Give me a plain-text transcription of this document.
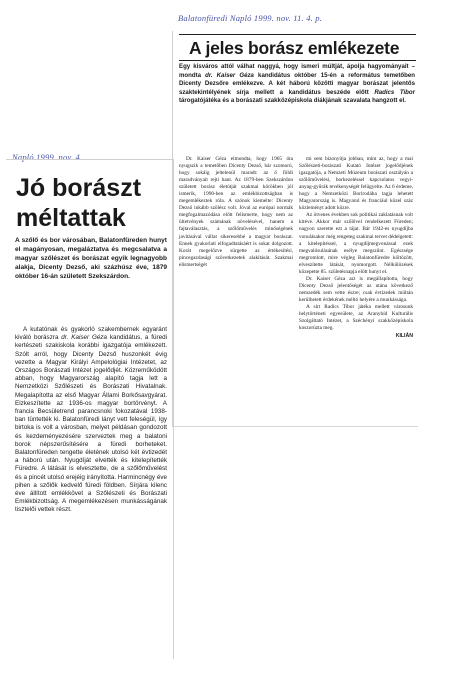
Balatonfüredi Napló 1999. nov. 11. 4. p.
Napló 1999. nov. 4.
A jeles borász emlékezete
Egy kisváros attól válhat naggyá, hogy ismeri múltját, ápolja hagyományait – mondta dr. Kaiser Géza kandidátus október 15-én a református temetőben Dicenty Dezsőre emlékezve. A két háború közötti magyar borászat jelentős szaktekintélyének sírja mellett a kandidátus beszéde előtt Radics Tibor tárogatójátéka és a borászati szakközépiskola diákjának szavalata hangzott el.

Dr. Kaiser Géza elmondta, hogy 1965 óta nyugszik a temetőben Dicenty Dezső, bár szomorú, hogy sokáig jeltelenül maradt: az ő földi maradványait rejti hant. Az 1879-ben Szekszárdon született borász életútját szakmai körökben jól ismerik, 1990-ben az emlékbizottságban is megemlékeztek róla. A szónok kiemelte: Dicenty Dezső inkább szőlész volt. Jóval az európai normák megfogalmazódása előtt felismerte, hogy nem az ültetvények számának növelésével, hanem a fajtaválasztás, a szőlőművelés minőségének javításával vállat sikeresebbé a magyar borászat. Ennek gyakorlati elfogadtatásáért is sokat dolgozott. Korát megelőzve sürgette az értékesítési, pincegazdasági szövetkezetek alakítását. Szakmai elismertségét

mi sem bizonyítja jobban, mint az, hogy a mai Szőlészeti-borászati Kutató Intézet jogelődjének igazgatója, a Nemzeti Múzeum borászati osztályán a szőlőművelési, borkezeléssel kapcsolatos vegyi-anyag-gyűrák tevékenységét felügyelte. Az 6 érdeme, hogy a Nemzetközi Borirodába tagja lehetett Magyarország is. Magyarul és franciául közel száz közleményt adott közre.

Az ötvenes években sok politikai zaklatásnak volt kitéve. Akkor már szőlővel rendelkezett Füreden; nagyon szerette ezt a tájat. Bár 1942-es nyugdíjba vonulásakor még rengeteg szakmai tervet dédelgetett: a kitelepítéssel, a nyugdíjmegvonással ezek megvalósulásának esélye megszűnt. Egészsége megromlott, mire végleg Balatonfüredre költözött, elveszítette látását, nyomorgott. Nélkülözések közepette 85. születésnapja előtt hunyt el.

Dr. Kaiser Géza azt is megállapította, hogy Dicenty Dezső jelentőségét az utána következő nemzedék sem vette észre; csak évtizedek múltán kerülhetett érdekének méltó helyére a munkássága.

A sírt Radics Tibor játéka mellett városunk helytörténeti egyesülete, az Aranyhíd Kulturális Szolgáltató Intézet, a Széchényi szakközépiskola koszorúzta meg.

KILIÁN
Jó borászt méltattak
A szőlő és bor városában, Balatonfüreden hunyt el magányosan, megaláztatva és megcsalatva a magyar szőlészet és borászat egyik legnagyobb alakja, Dicenty Dezső, aki százhúsz éve, 1879 október 16-án született Szekszárdon.

A kutatónak és gyakorló szakembernek egyaránt kiváló borászra dr. Kaiser Géza kandidátus, a füredi kertészeti szakiskola korábbi igazgatója emlékezett. Szólt arról, hogy Dicenty Dezső huszonkét évig vezette a Magyar Királyi Ampelológiai Intézetet, az Országos Borászati Intézet jogelődjét. Közreműködött abban, hogy Magyarország alapító tagja lett a Nemzetközi Szőlészeti és Borászati Hivatalnak. Megalapította az első Magyar Állami Borkősavgyárat. Elzkeszítette az 1936-os magyar bortörvényt. A francia Becsületrend parancsnoki fokozatával 1938-ban tüntették ki. Balatonfüredi lányt vett feleségül, így birtoka is volt a városban, melyet példásan gondozott és kezdeményezésére szerveztek meg a balatoni borok népszerűsítésére a füredi borheteket. Balatonfüreden tengette életének utolsó két évtizedét a háború után. Nyugdíját elvették és kitelepítették Füredre. A látását is elvesztette, de a szőlőművelést és a pincét utolsó erejéig irányította. Harmincnégy éve pihen a szőlők kedvelő füredi földben. Sírjára kilenc éve állított emlékkövet a Szőlészeti és Borászati Emlékbizottság. A megemlékezésen munkásságának tisztelői vettek részt.
